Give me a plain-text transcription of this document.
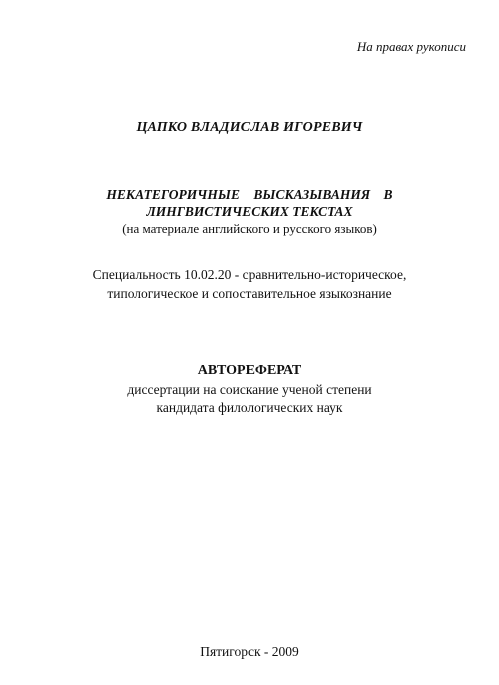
На правах рукописи
ЦАПКО ВЛАДИСЛАВ ИГОРЕВИЧ
НЕКАТЕГОРИЧНЫЕ ВЫСКАЗЫВАНИЯ В
ЛИНГВИСТИЧЕСКИХ ТЕКСТАХ
(на материале английского и русского языков)
Специальность 10.02.20 - сравнительно-историческое,
типологическое и сопоставительное языкознание
АВТОРЕФЕРАТ
диссертации на соискание ученой степени
кандидата филологических наук
Пятигорск - 2009
